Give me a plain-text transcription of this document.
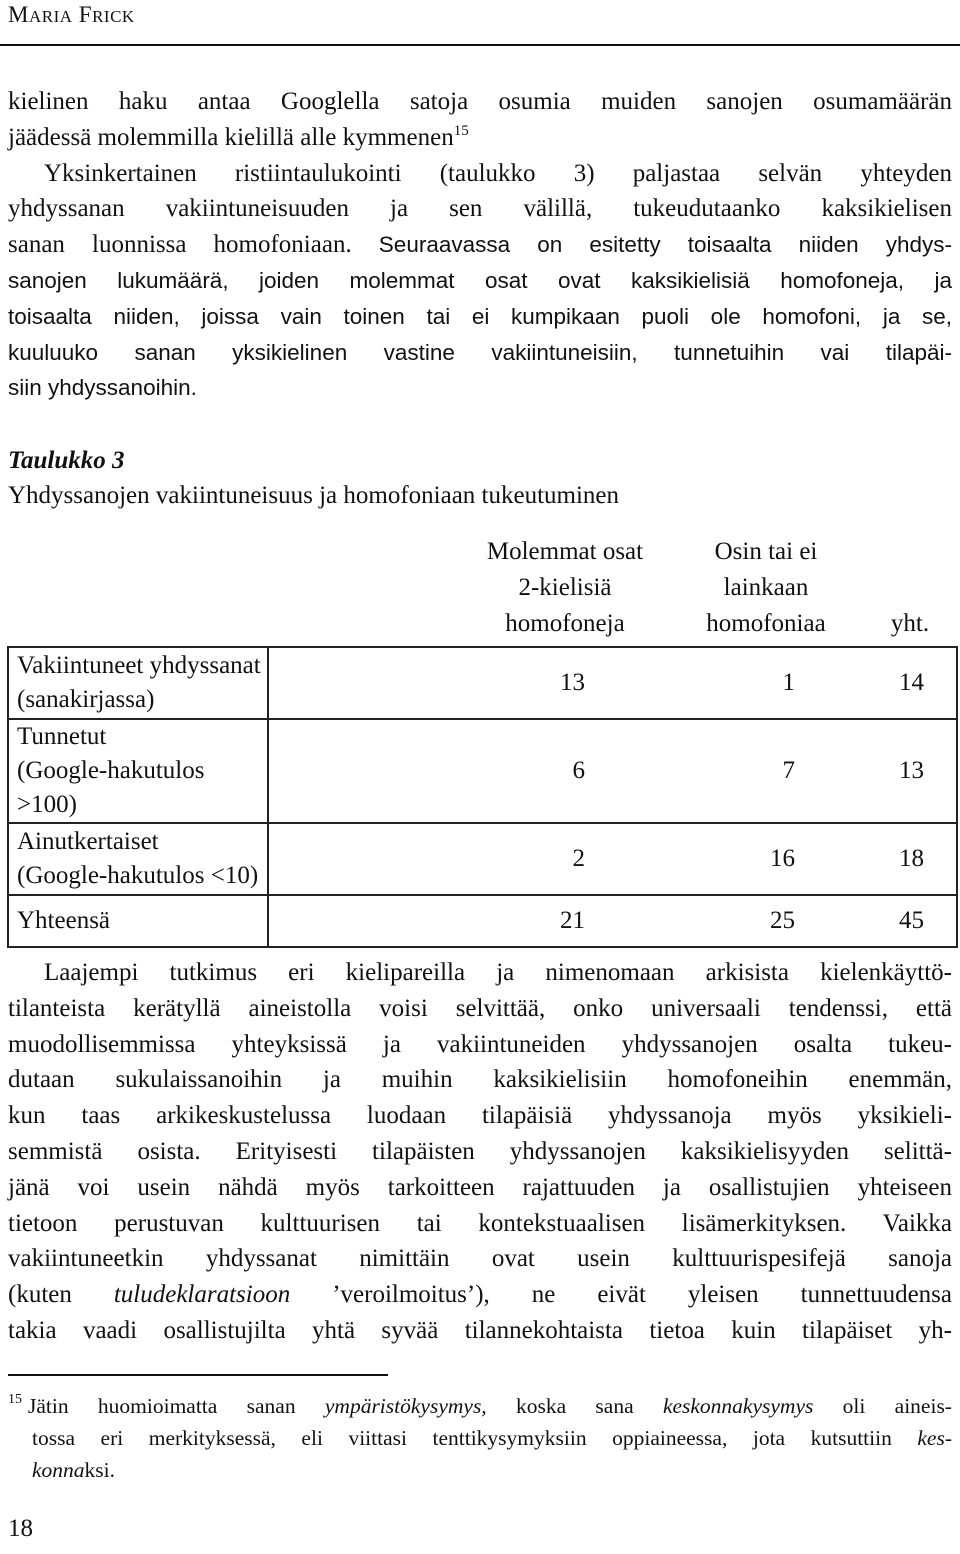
MARIA FRICK
kielinen haku antaa Googlella satoja osumia muiden sanojen osumamäärän
jäädessä molemmilla kielillä alle kymmenen$^{15}$
Yksinkertainen ristiintaulukointi (taulukko 3) paljastaa selvän yhteyden
yhdyssanan vakiintuneisuuden ja sen välillä, tukeudutaanko kaksikielisen
sanan luonnissa homofoniaan. Seuraavassa on esitetty toisaalta niiden yhdys-
sanojen lukumäärä, joiden molemmat osat ovat kaksikielisiä homofoneja, ja
toisaalta niiden, joissa vain toinen tai ei kumpikaan puoli ole homofoni, ja se,
kuuluuko sanan yksikielinen vastine vakiintuneisiin, tunnetuihin vai tilapäi-
siin yhdyssanoihin.
Taulukko 3
Yhdyssanojen vakiintuneisuus ja homofoniaan tukeutuminen
Molemmat osat
2-kielisiä
homofoneja
Osin tai ei
lainkaan
homofoniaa	yht.
Vakiintuneet yhdyssanat
(sanakirjassa)	13	1	14

Tunnetut
(Google-hakutulos >100)	6	7	13

Ainutkertaiset
(Google-hakutulos <10)	2	16	18

Yhteensä	21	25	45
Laajempi tutkimus eri kielipareilla ja nimenomaan arkisista kielenkäyttö-
tilanteista kerätyllä aineistolla voisi selvittää, onko universaali tendenssi, että
muodollisemmissa yhteyksissä ja vakiintuneiden yhdyssanojen osalta tukeu-
dutaan sukulaissanoihin ja muihin kaksikielisiin homofoneihin enemmän,
kun taas arkikeskustelussa luodaan tilapäisiä yhdyssanoja myös yksikieli-
semmistä osista. Erityisesti tilapäisten yhdyssanojen kaksikielisyyden selittä-
jänä voi usein nähdä myös tarkoitteen rajattuuden ja osallistujien yhteiseen
tietoon perustuvan kulttuurisen tai kontekstuaalisen lisämerkityksen. Vaikka
vakiintuneetkin yhdyssanat nimittäin ovat usein kulttuurispesifejä sanoja
(kuten tuludeklaratsioon ’veroilmoitus’), ne eivät yleisen tunnettuudensa
takia vaadi osallistujilta yhtä syvää tilannekohtaista tietoa kuin tilapäiset yh-
$^{15}$ Jätin huomioimatta sanan ympäristökysymys, koska sana keskonnakysymys oli ainеis-
tossa eri merkityksessä, eli viittasi tenttikysymyksiin oppiaineessa, jota kutsuttiin kes-
konnaksi.
18
